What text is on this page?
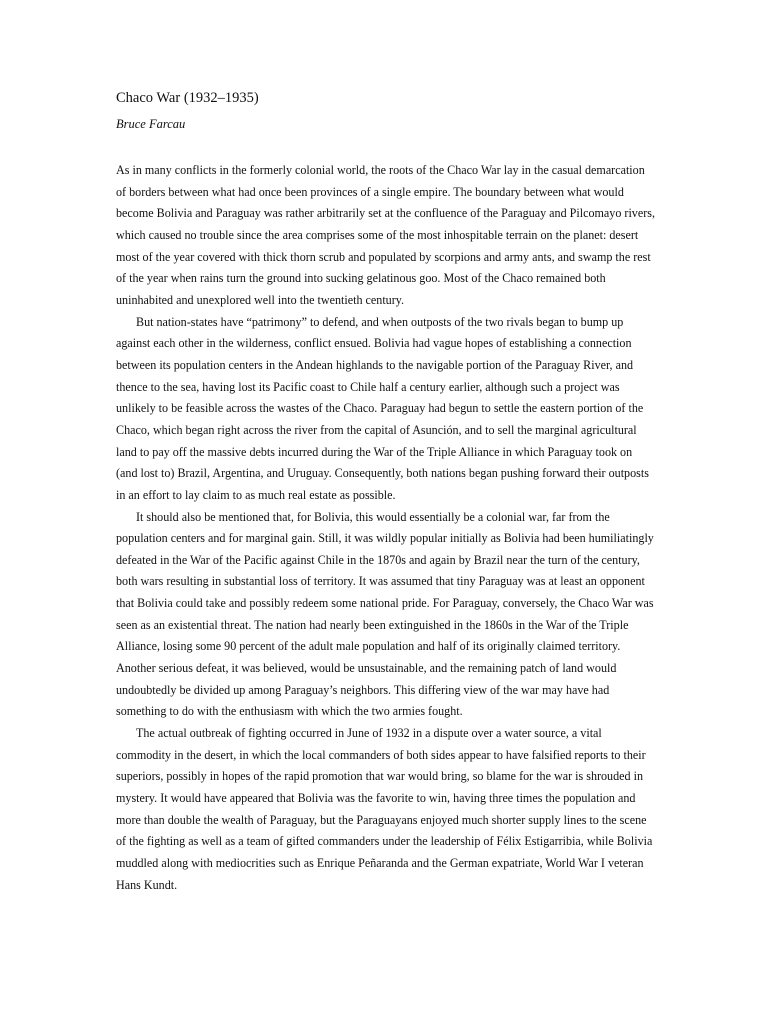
Chaco War (1932–1935)
Bruce Farcau

As in many conflicts in the formerly colonial world, the roots of the Chaco War lay in the casual demarcation of borders between what had once been provinces of a single empire. The boundary between what would become Bolivia and Paraguay was rather arbitrarily set at the confluence of the Paraguay and Pilcomayo rivers, which caused no trouble since the area comprises some of the most inhospitable terrain on the planet: desert most of the year covered with thick thorn scrub and populated by scorpions and army ants, and swamp the rest of the year when rains turn the ground into sucking gelatinous goo. Most of the Chaco remained both uninhabited and unexplored well into the twentieth century.

But nation-states have “patrimony” to defend, and when outposts of the two rivals began to bump up against each other in the wilderness, conflict ensued. Bolivia had vague hopes of establishing a connection between its population centers in the Andean highlands to the navigable portion of the Paraguay River, and thence to the sea, having lost its Pacific coast to Chile half a century earlier, although such a project was unlikely to be feasible across the wastes of the Chaco. Paraguay had begun to settle the eastern portion of the Chaco, which began right across the river from the capital of Asunción, and to sell the marginal agricultural land to pay off the massive debts incurred during the War of the Triple Alliance in which Paraguay took on (and lost to) Brazil, Argentina, and Uruguay. Consequently, both nations began pushing forward their outposts in an effort to lay claim to as much real estate as possible.

It should also be mentioned that, for Bolivia, this would essentially be a colonial war, far from the population centers and for marginal gain. Still, it was wildly popular initially as Bolivia had been humiliatingly defeated in the War of the Pacific against Chile in the 1870s and again by Brazil near the turn of the century, both wars resulting in substantial loss of territory. It was assumed that tiny Paraguay was at least an opponent that Bolivia could take and possibly redeem some national pride. For Paraguay, conversely, the Chaco War was seen as an existential threat. The nation had nearly been extinguished in the 1860s in the War of the Triple Alliance, losing some 90 percent of the adult male population and half of its originally claimed territory. Another serious defeat, it was believed, would be unsustainable, and the remaining patch of land would undoubtedly be divided up among Paraguay’s neighbors. This differing view of the war may have had something to do with the enthusiasm with which the two armies fought.

The actual outbreak of fighting occurred in June of 1932 in a dispute over a water source, a vital commodity in the desert, in which the local commanders of both sides appear to have falsified reports to their superiors, possibly in hopes of the rapid promotion that war would bring, so blame for the war is shrouded in mystery. It would have appeared that Bolivia was the favorite to win, having three times the population and more than double the wealth of Paraguay, but the Paraguayans enjoyed much shorter supply lines to the scene of the fighting as well as a team of gifted commanders under the leadership of Félix Estigarribia, while Bolivia muddled along with mediocrities such as Enrique Peñaranda and the German expatriate, World War I veteran Hans Kundt.
